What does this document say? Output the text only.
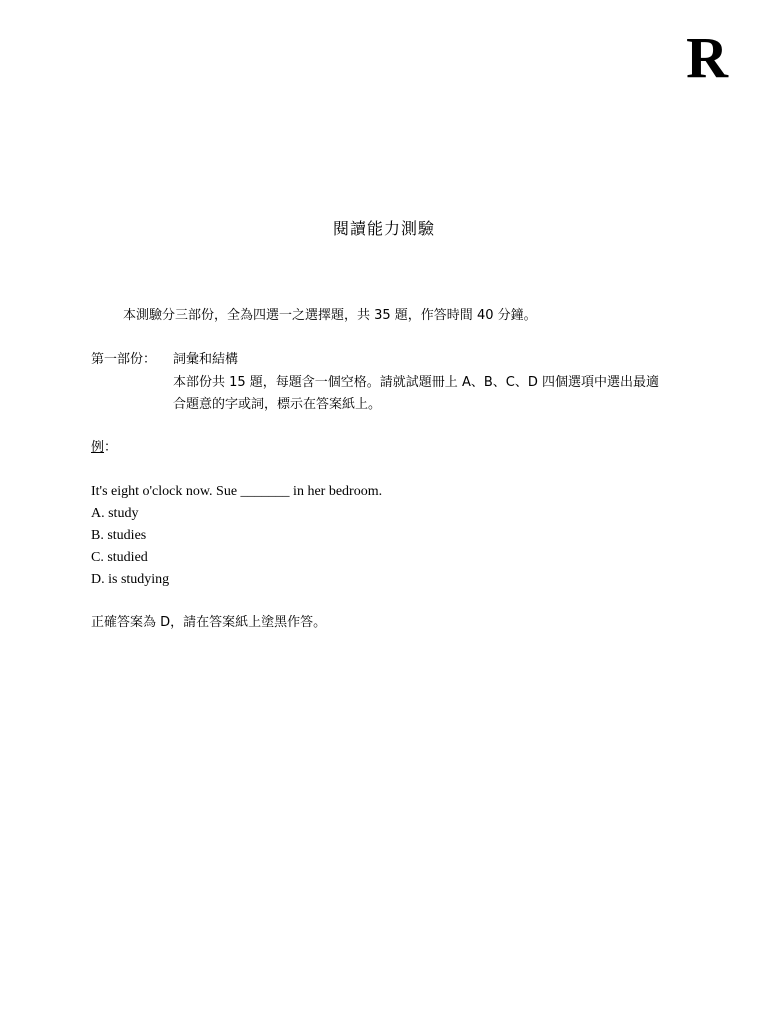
R
閱讀能力測驗
本測驗分三部份，全為四選一之選擇題，共 35 題，作答時間 40 分鐘。
第一部份： 詞彙和結構
本部份共 15 題，每題含一個空格。請就試題冊上 A、B、C、D 四個選項中選出最適
合題意的字或詞，標示在答案紙上。
例：
It's eight o'clock now. Sue _______ in her bedroom.
A. study
B. studies
C. studied
D. is studying
正確答案為 D，請在答案紙上塗黑作答。
